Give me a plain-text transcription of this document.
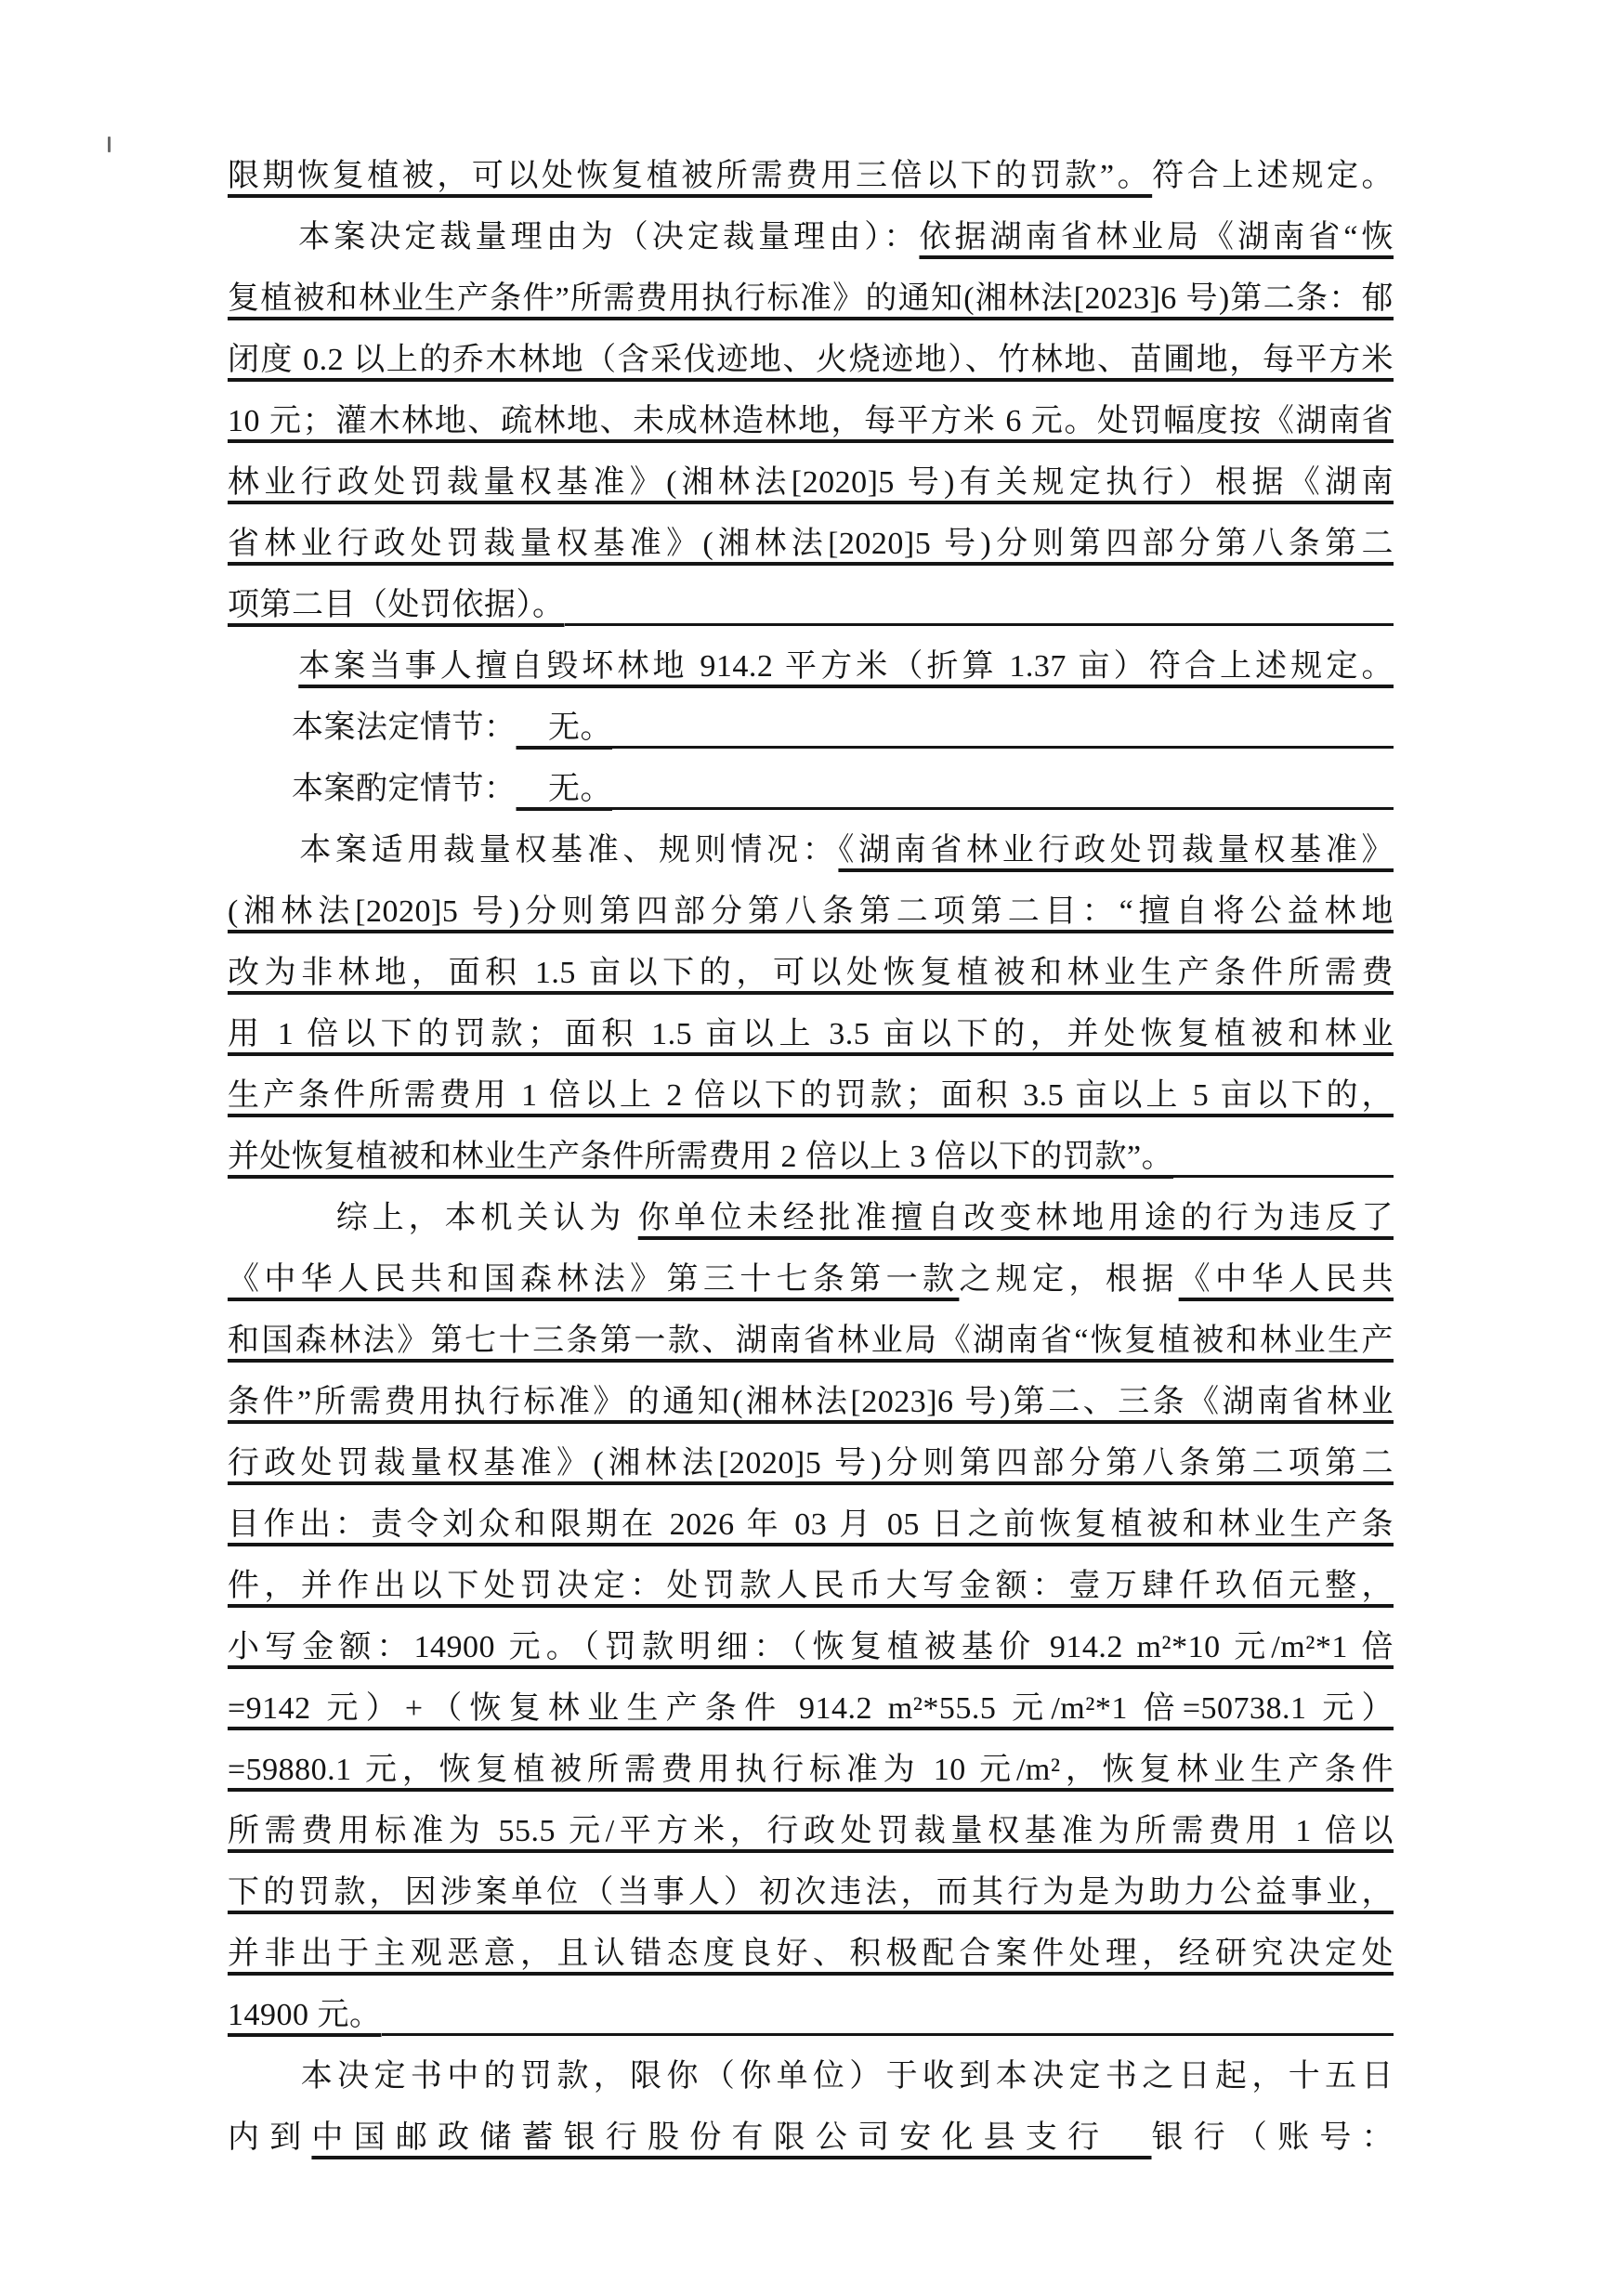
限期恢复植被，可以处恢复植被所需费用三倍以下的罚款”。符合上述规定。
　　本案决定裁量理由为（决定裁量理由）：依据湖南省林业局《湖南省“恢
复植被和林业生产条件”所需费用执行标准》的通知(湘林法[2023]6 号)第二条：郁
闭度 0.2 以上的乔木林地（含采伐迹地、火烧迹地）、竹林地、苗圃地，每平方米
10 元；灌木林地、疏林地、未成林造林地，每平方米 6 元。处罚幅度按《湖南省
林业行政处罚裁量权基准》(湘林法[2020]5 号)有关规定执行）根据《湖南
省林业行政处罚裁量权基准》(湘林法[2020]5 号)分则第四部分第八条第二
项第二目（处罚依据）。
　　本案当事人擅自毁坏林地 914.2 平方米（折算 1.37 亩）符合上述规定。
　　本案法定情节： 　无。
　　本案酌定情节： 　无。
　　本案适用裁量权基准、规则情况：《湖南省林业行政处罚裁量权基准》
(湘林法[2020]5 号)分则第四部分第八条第二项第二目：“擅自将公益林地
改为非林地，面积 1.5 亩以下的，可以处恢复植被和林业生产条件所需费
用 1 倍以下的罚款；面积 1.5 亩以上 3.5 亩以下的，并处恢复植被和林业
生产条件所需费用 1 倍以上 2 倍以下的罚款；面积 3.5 亩以上 5 亩以下的，
并处恢复植被和林业生产条件所需费用 2 倍以上 3 倍以下的罚款”。
　　　综上，本机关认为 你单位未经批准擅自改变林地用途的行为违反了
《中华人民共和国森林法》第三十七条第一款之规定，根据《中华人民共
和国森林法》第七十三条第一款、湖南省林业局《湖南省“恢复植被和林业生产
条件”所需费用执行标准》的通知(湘林法[2023]6 号)第二、三条《湖南省林业
行政处罚裁量权基准》(湘林法[2020]5 号)分则第四部分第八条第二项第二
目作出：责令刘众和限期在 2026 年 03 月 05 日之前恢复植被和林业生产条
件，并作出以下处罚决定：处罚款人民币大写金额：壹万肆仟玖佰元整，
小写金额：14900 元。（罚款明细：（恢复植被基价 914.2 m²*10 元/m²*1 倍
=9142 元）+（恢复林业生产条件 914.2 m²*55.5 元/m²*1 倍=50738.1 元）
=59880.1 元，恢复植被所需费用执行标准为 10 元/m²，恢复林业生产条件
所需费用标准为 55.5 元/平方米，行政处罚裁量权基准为所需费用 1 倍以
下的罚款，因涉案单位（当事人）初次违法，而其行为是为助力公益事业，
并非出于主观恶意，且认错态度良好、积极配合案件处理，经研究决定处
14900 元。
　　本决定书中的罚款，限你（你单位）于收到本决定书之日起，十五日
内到中国邮政储蓄银行股份有限公司安化县支行　银行（账号：
